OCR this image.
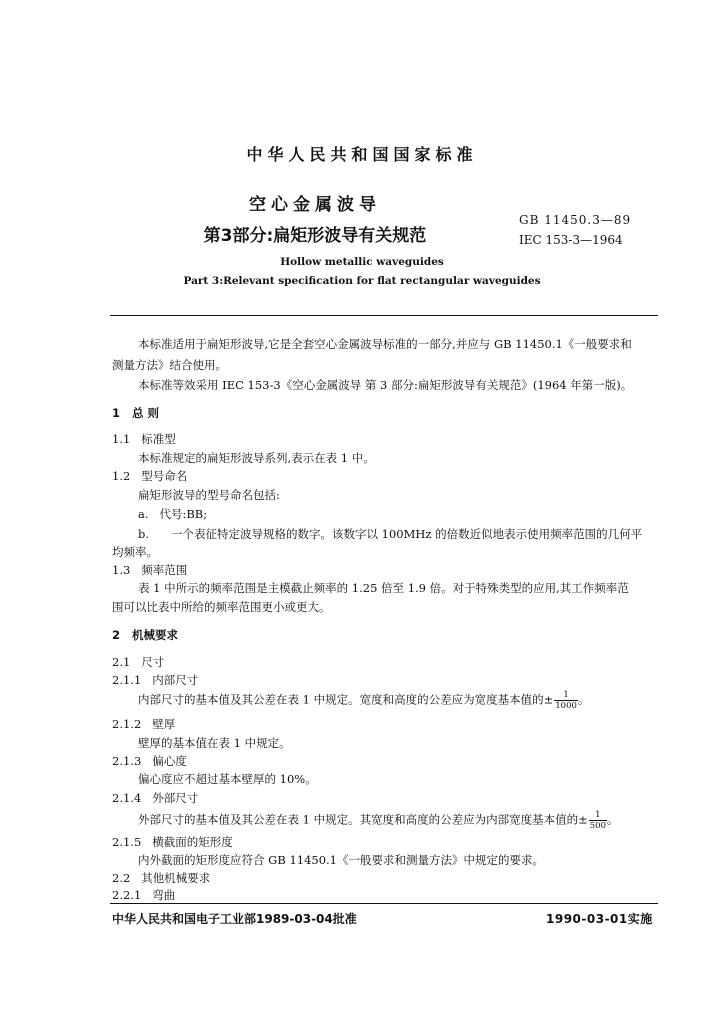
中华人民共和国国家标准
空心金属波导
第3部分:扁矩形波导有关规范
GB 11450.3—89
IEC 153-3—1964
Hollow metallic waveguides
Part 3:Relevant specification for flat rectangular waveguides
本标准适用于扁矩形波导,它是全套空心金属波导标准的一部分,并应与 GB 11450.1《一般要求和
测量方法》结合使用。
本标准等效采用 IEC 153-3《空心金属波导 第 3 部分:扁矩形波导有关规范》(1964 年第一版)。
1 总 则
1.1 标准型
本标准规定的扁矩形波导系列,表示在表 1 中。
1.2 型号命名
扁矩形波导的型号命名包括:
a. 代号:BB;
b. 一个表征特定波导规格的数字。该数字以 100MHz 的倍数近似地表示使用频率范围的几何平
均频率。
1.3 频率范围
表 1 中所示的频率范围是主模截止频率的 1.25 倍至 1.9 倍。对于特殊类型的应用,其工作频率范
围可以比表中所给的频率范围更小或更大。
2 机械要求
2.1 尺寸
2.1.1 内部尺寸
内部尺寸的基本值及其公差在表 1 中规定。宽度和高度的公差应为宽度基本值的± $\frac{1}{1000}$ 。
2.1.2 壁厚
壁厚的基本值在表 1 中规定。
2.1.3 偏心度
偏心度应不超过基本壁厚的 10%。
2.1.4 外部尺寸
外部尺寸的基本值及其公差在表 1 中规定。其宽度和高度的公差应为内部宽度基本值的± $\frac{1}{500}$ 。
2.1.5 横截面的矩形度
内外截面的矩形度应符合 GB 11450.1《一般要求和测量方法》中规定的要求。
2.2 其他机械要求
2.2.1 弯曲
中华人民共和国电子工业部1989-03-04批准	1990-03-01实施
